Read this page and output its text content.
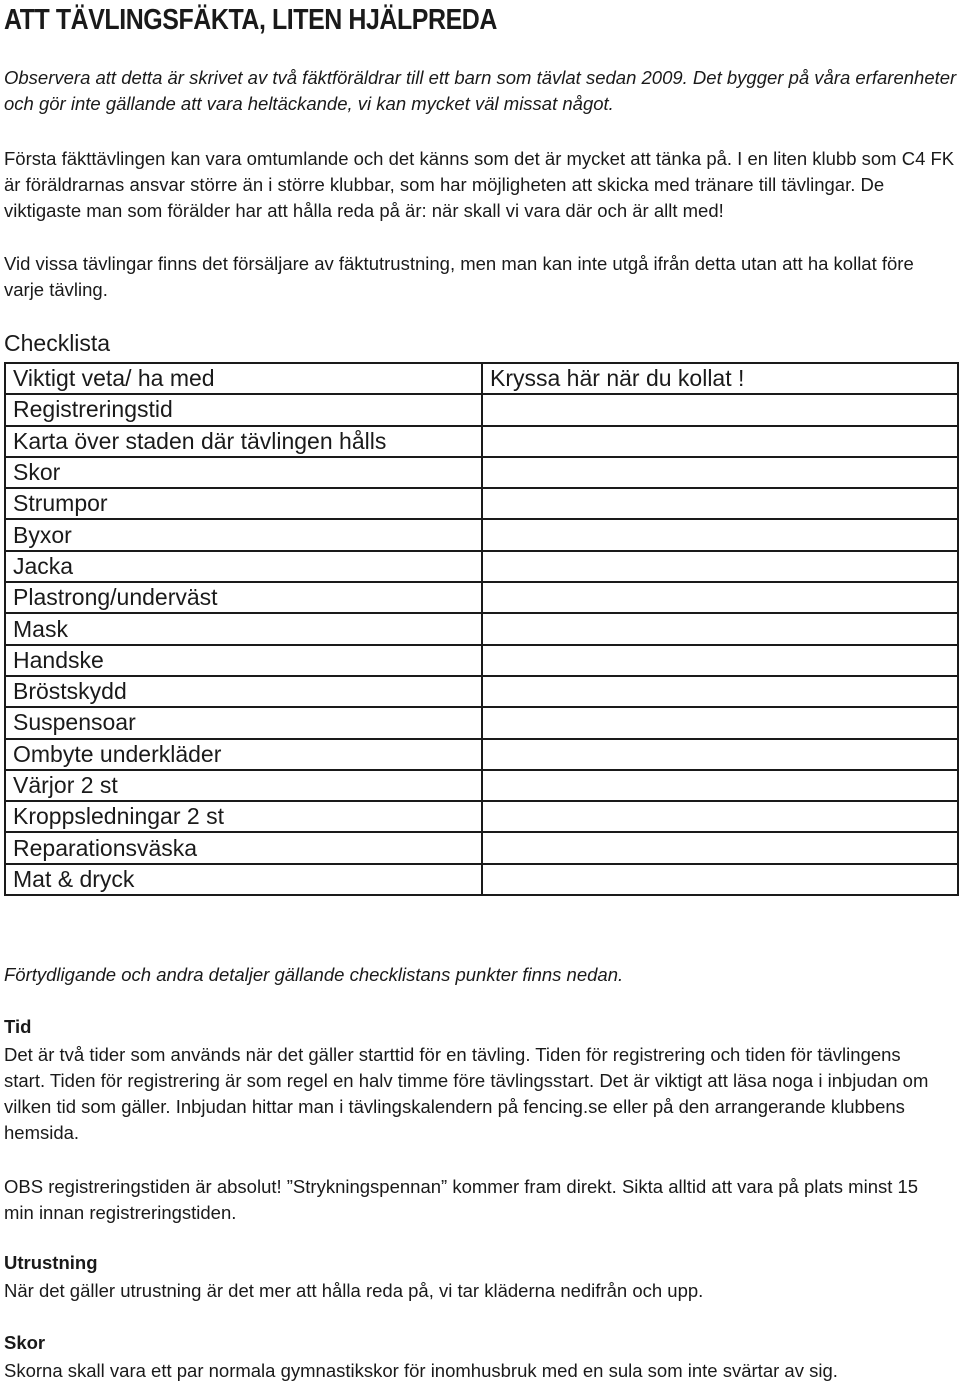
ATT TÄVLINGSFÄKTA, LITEN HJÄLPREDA

Observera att detta är skrivet av två fäktföräldrar till ett barn som tävlat sedan 2009. Det bygger på våra erfarenheter och gör inte gällande att vara heltäckande, vi kan mycket väl missat något.

Första fäkttävlingen kan vara omtumlande och det känns som det är mycket att tänka på. I en liten klubb som C4 FK är föräldrarnas ansvar större än i större klubbar, som har möjligheten att skicka med tränare till tävlingar. De viktigaste man som förälder har att hålla reda på är: när skall vi vara där och är allt med!

Vid vissa tävlingar finns det försäljare av fäktutrustning, men man kan inte utgå ifrån detta utan att ha kollat före varje tävling.

Checklista
Viktigt veta/ ha med	Kryssa här när du kollat !
Registreringstid	
Karta över staden där tävlingen hålls	
Skor	
Strumpor	
Byxor	
Jacka	
Plastrong/underväst	
Mask	
Handske	
Bröstskydd	
Suspensoar	
Ombyte underkläder	
Värjor 2 st	
Kroppsledningar 2 st	
Reparationsväska	
Mat & dryck	

Förtydligande och andra detaljer gällande checklistans punkter finns nedan.

Tid

Det är två tider som används när det gäller starttid för en tävling. Tiden för registrering och tiden för tävlingens start. Tiden för registrering är som regel en halv timme före tävlingsstart. Det är viktigt att läsa noga i inbjudan om vilken tid som gäller. Inbjudan hittar man i tävlingskalendern på fencing.se eller på den arrangerande klubbens hemsida.

OBS registreringstiden är absolut! ”Strykningspennan” kommer fram direkt. Sikta alltid att vara på plats minst 15 min innan registreringstiden.

Utrustning

När det gäller utrustning är det mer att hålla reda på, vi tar kläderna nedifrån och upp.

Skor

Skorna skall vara ett par normala gymnastikskor för inomhusbruk med en sula som inte svärtar av sig.
